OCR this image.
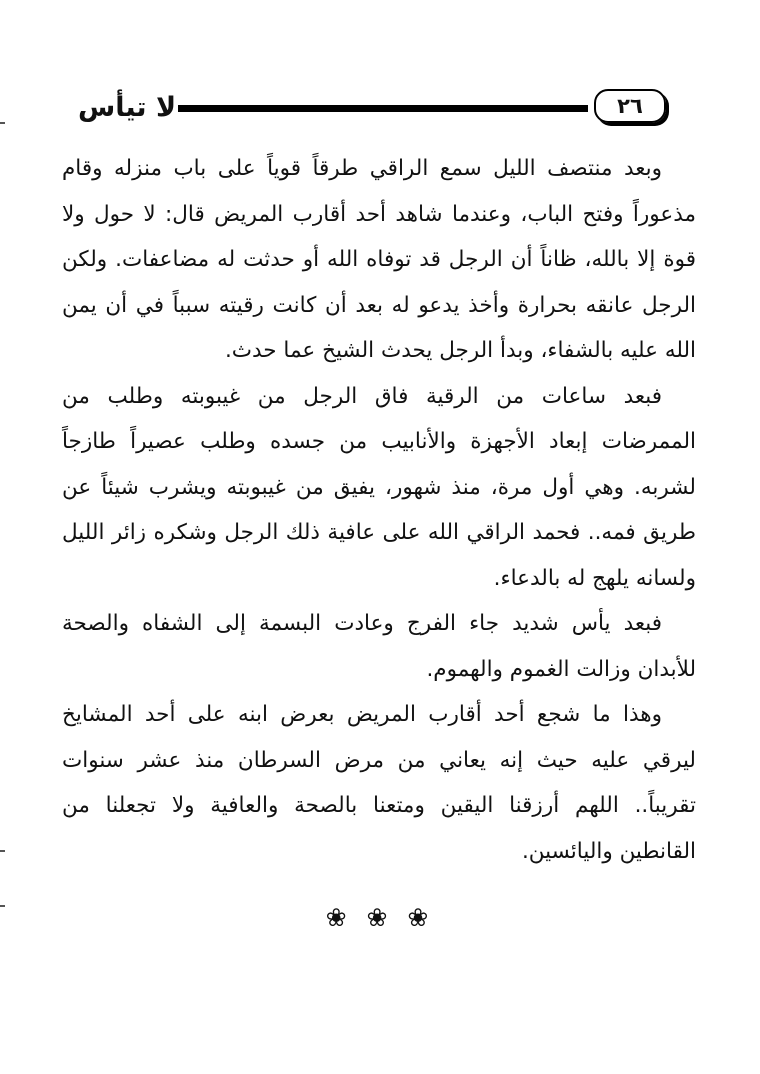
لا تيأس	٢٦

وبعد منتصف الليل سمع الراقي طرقاً قوياً على باب منزله وقام مذعوراً وفتح الباب، وعندما شاهد أحد أقارب المريض قال: لا حول ولا قوة إلا بالله، ظاناً أن الرجل قد توفاه الله أو حدثت له مضاعفات. ولكن الرجل عانقه بحرارة وأخذ يدعو له بعد أن كانت رقيته سبباً في أن يمن الله عليه بالشفاء، وبدأ الرجل يحدث الشيخ عما حدث.

فبعد ساعات من الرقية فاق الرجل من غيبوبته وطلب من الممرضات إبعاد الأجهزة والأنابيب من جسده وطلب عصيراً طازجاً لشربه. وهي أول مرة، منذ شهور، يفيق من غيبوبته ويشرب شيئاً عن طريق فمه.. فحمد الراقي الله على عافية ذلك الرجل وشكره زائر الليل ولسانه يلهج له بالدعاء.

فبعد يأس شديد جاء الفرج وعادت البسمة إلى الشفاه والصحة للأبدان وزالت الغموم والهموم.

وهذا ما شجع أحد أقارب المريض بعرض ابنه على أحد المشايخ ليرقي عليه حيث إنه يعاني من مرض السرطان منذ عشر سنوات تقريباً.. اللهم أرزقنا اليقين ومتعنا بالصحة والعافية ولا تجعلنا من القانطين واليائسين.

❀ ❀ ❀
